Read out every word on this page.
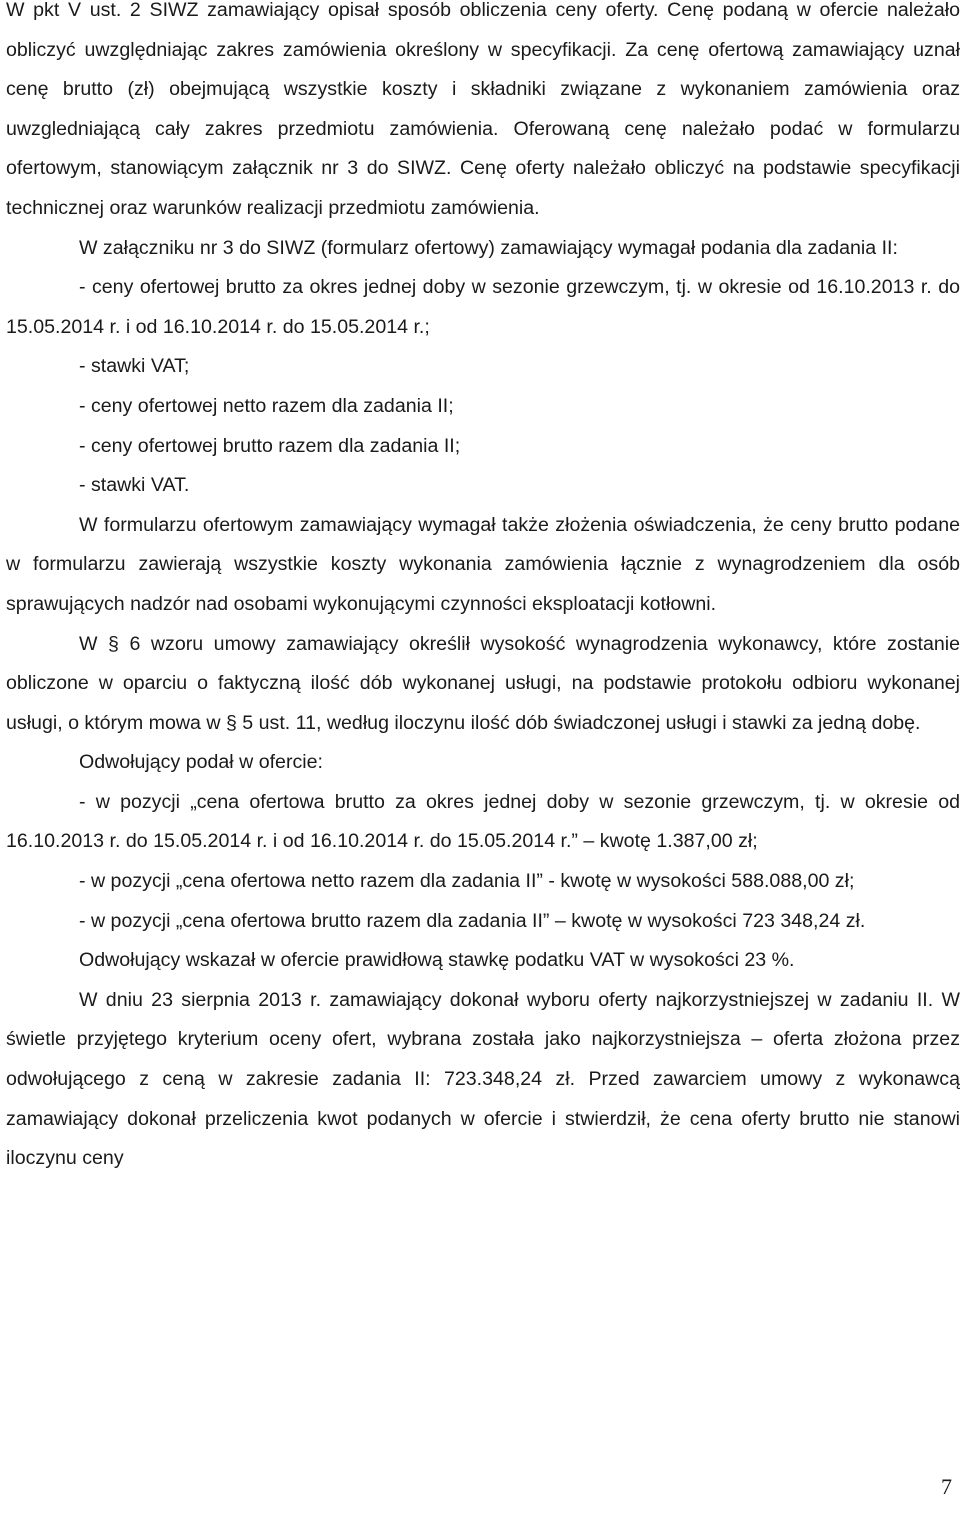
W pkt V ust. 2 SIWZ zamawiający opisał sposób obliczenia ceny oferty. Cenę podaną w ofercie należało obliczyć uwzględniając zakres zamówienia określony w specyfikacji. Za cenę ofertową zamawiający uznał cenę brutto (zł) obejmującą wszystkie koszty i składniki związane z wykonaniem zamówienia oraz uwzgledniającą cały zakres przedmiotu zamówienia. Oferowaną cenę należało podać w formularzu ofertowym, stanowiącym załącznik nr 3 do SIWZ. Cenę oferty należało obliczyć na podstawie specyfikacji technicznej oraz warunków realizacji przedmiotu zamówienia.

W załączniku nr 3 do SIWZ (formularz ofertowy) zamawiający wymagał podania dla zadania II:

- ceny ofertowej brutto za okres jednej doby w sezonie grzewczym, tj. w okresie od 16.10.2013 r. do 15.05.2014 r. i od 16.10.2014 r. do 15.05.2014 r.;

- stawki VAT;

- ceny ofertowej netto razem dla zadania II;

- ceny ofertowej brutto razem dla zadania II;

- stawki VAT.

W formularzu ofertowym zamawiający wymagał także złożenia oświadczenia, że ceny brutto podane w formularzu zawierają wszystkie koszty wykonania zamówienia łącznie z wynagrodzeniem dla osób sprawujących nadzór nad osobami wykonującymi czynności eksploatacji kotłowni.

W § 6 wzoru umowy zamawiający określił wysokość wynagrodzenia wykonawcy, które zostanie obliczone w oparciu o faktyczną ilość dób wykonanej usługi, na podstawie protokołu odbioru wykonanej usługi, o którym mowa w § 5 ust. 11, według iloczynu ilość dób świadczonej usługi i stawki za jedną dobę.

Odwołujący podał w ofercie:

- w pozycji „cena ofertowa brutto za okres jednej doby w sezonie grzewczym, tj. w okresie od 16.10.2013 r. do 15.05.2014 r. i od 16.10.2014 r. do 15.05.2014 r.” – kwotę 1.387,00 zł;

- w pozycji „cena ofertowa netto razem dla zadania II” - kwotę w wysokości 588.088,00 zł;

- w pozycji „cena ofertowa brutto razem dla zadania II” – kwotę w wysokości 723 348,24 zł.

Odwołujący wskazał w ofercie prawidłową stawkę podatku VAT w wysokości 23 %.

W dniu 23 sierpnia 2013 r. zamawiający dokonał wyboru oferty najkorzystniejszej w zadaniu II. W świetle przyjętego kryterium oceny ofert, wybrana została jako najkorzystniejsza – oferta złożona przez odwołującego z ceną w zakresie zadania II: 723.348,24 zł. Przed zawarciem umowy z wykonawcą zamawiający dokonał przeliczenia kwot podanych w ofercie i stwierdził, że cena oferty brutto nie stanowi iloczynu ceny

7
